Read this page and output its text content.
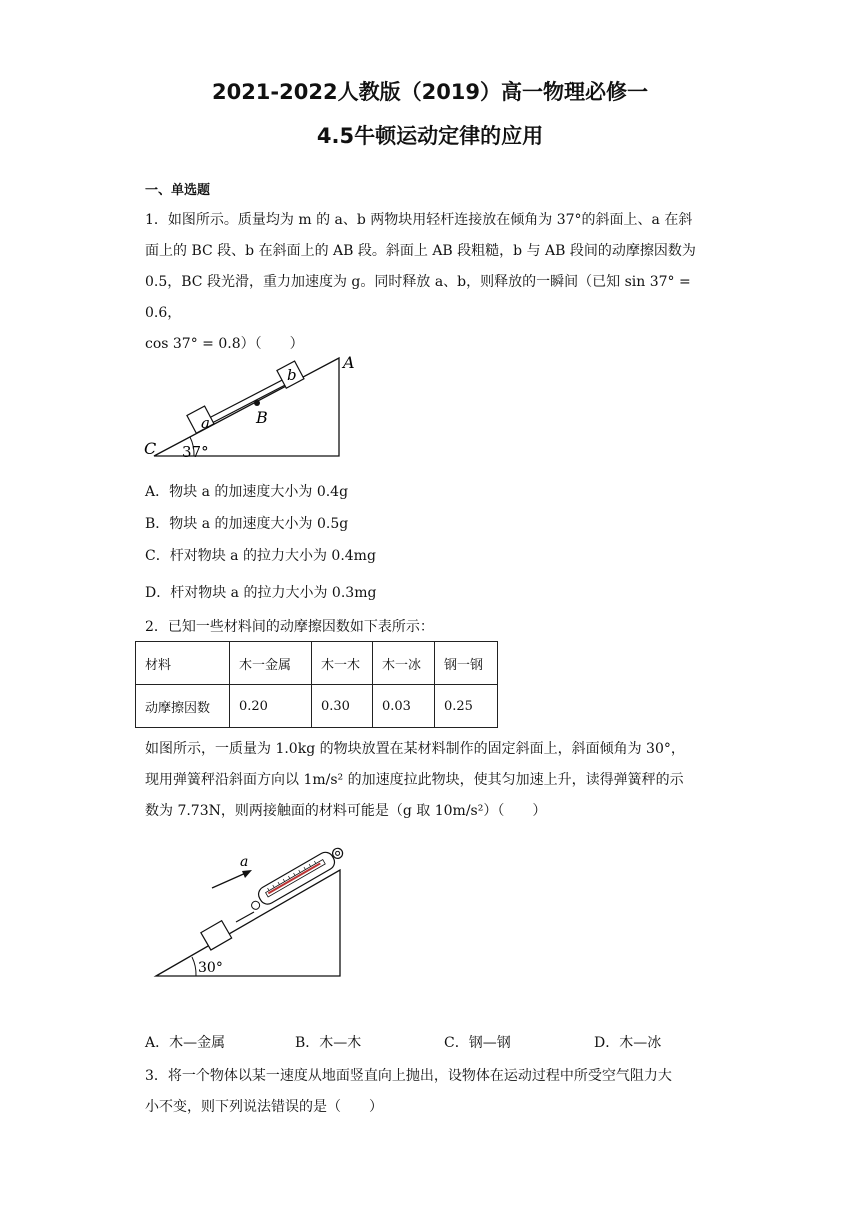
2021-2022人教版（2019）高一物理必修一
4.5牛顿运动定律的应用
一、单选题
1．如图所示。质量均为 m 的 a、b 两物块用轻杆连接放在倾角为 37°的斜面上、a 在斜
面上的 BC 段、b 在斜面上的 AB 段。斜面上 AB 段粗糙，b 与 AB 段间的动摩擦因数为
0.5，BC 段光滑，重力加速度为 g。同时释放 a、b，则释放的一瞬间（已知 sin 37° = 0.6，
cos 37° = 0.8）（　　）
a
b
A
B
C 37°
A．物块 a 的加速度大小为 0.4g
B．物块 a 的加速度大小为 0.5g
C．杆对物块 a 的拉力大小为 0.4mg
D．杆对物块 a 的拉力大小为 0.3mg
2．已知一些材料间的动摩擦因数如下表所示：
材料	木一金属	木一木	木一冰	钢一钢
动摩擦因数	0.20	0.30	0.03	0.25
如图所示，一质量为 1.0kg 的物块放置在某材料制作的固定斜面上，斜面倾角为 30°，
现用弹簧秤沿斜面方向以 1m/s² 的加速度拉此物块，使其匀加速上升，读得弹簧秤的示
数为 7.73N，则两接触面的材料可能是（g 取 10m/s²）（　　）
a
30°
A．木—金属	B．木—木	C．钢—钢	D．木—冰
3．将一个物体以某一速度从地面竖直向上抛出，设物体在运动过程中所受空气阻力大
小不变，则下列说法错误的是（　　）
